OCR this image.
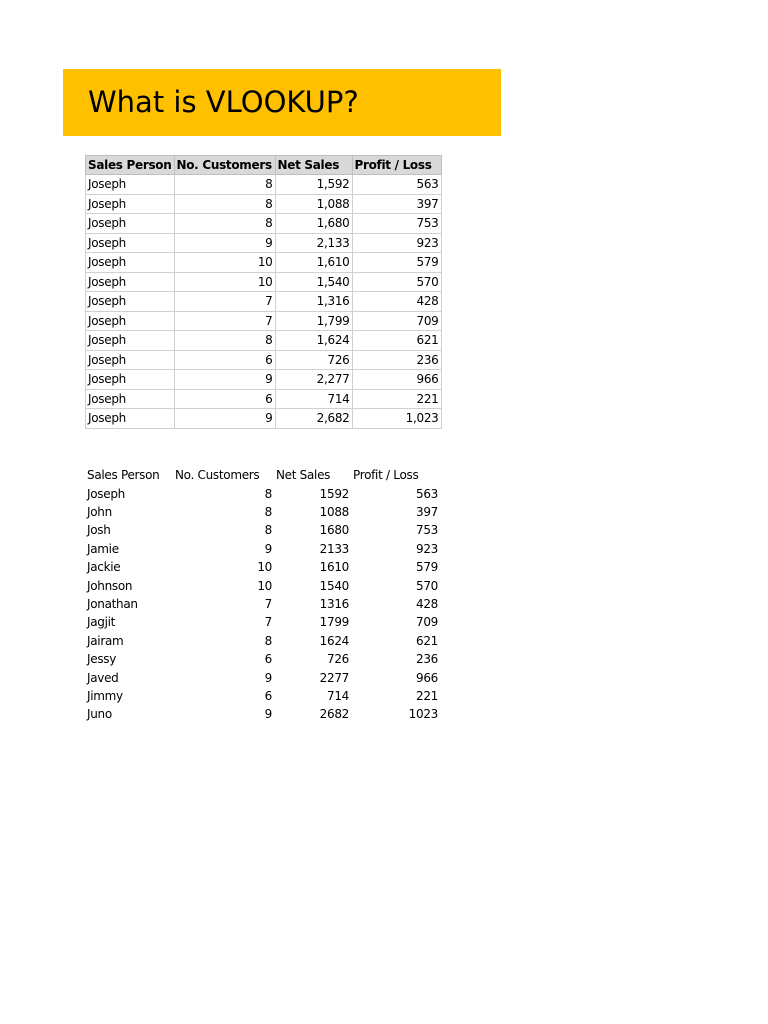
What is VLOOKUP?
Sales Person	No. Customers	Net Sales	Profit / Loss
Joseph	8	1,592	563
Joseph	8	1,088	397
Joseph	8	1,680	753
Joseph	9	2,133	923
Joseph	10	1,610	579
Joseph	10	1,540	570
Joseph	7	1,316	428
Joseph	7	1,799	709
Joseph	8	1,624	621
Joseph	6	726	236
Joseph	9	2,277	966
Joseph	6	714	221
Joseph	9	2,682	1,023
Sales Person	No. Customers	Net Sales	Profit / Loss
Joseph	8	1592	563
John	8	1088	397
Josh	8	1680	753
Jamie	9	2133	923
Jackie	10	1610	579
Johnson	10	1540	570
Jonathan	7	1316	428
Jagjit	7	1799	709
Jairam	8	1624	621
Jessy	6	726	236
Javed	9	2277	966
Jimmy	6	714	221
Juno	9	2682	1023
